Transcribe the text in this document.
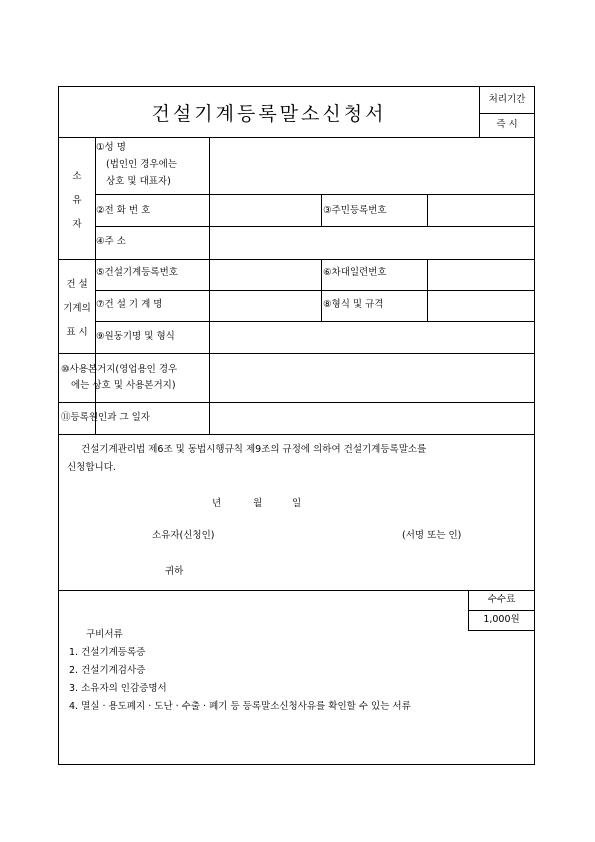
건설기계등록말소신청서
처리기간
즉 시
소
유
자
①성 명
(법인인 경우에는
상호 및 대표자)
②전 화 번 호	③주민등록번호
④주 소
건 설
기계의
표 시
⑤건설기계등록번호	⑥차대일련번호
⑦건 설 기 계 명	⑧형식 및 규격
⑨원동기명 및 형식
⑩사용본거지(영업용인 경우
에는 상호 및 사용본거지)
⑪등록원인과 그 일자
건설기계관리법 제6조 및 동법시행규칙 제9조의 규정에 의하여 건설기계등록말소를
신청합니다.
년	월	일
소유자(신청인)	(서명 또는 인)
귀하
수수료
1,000원
구비서류
1. 건설기계등록증
2. 건설기계검사증
3. 소유자의 인감증명서
4. 멸실 · 용도폐지 · 도난 · 수출 · 폐기 등 등록말소신청사유를 확인할 수 있는 서류
